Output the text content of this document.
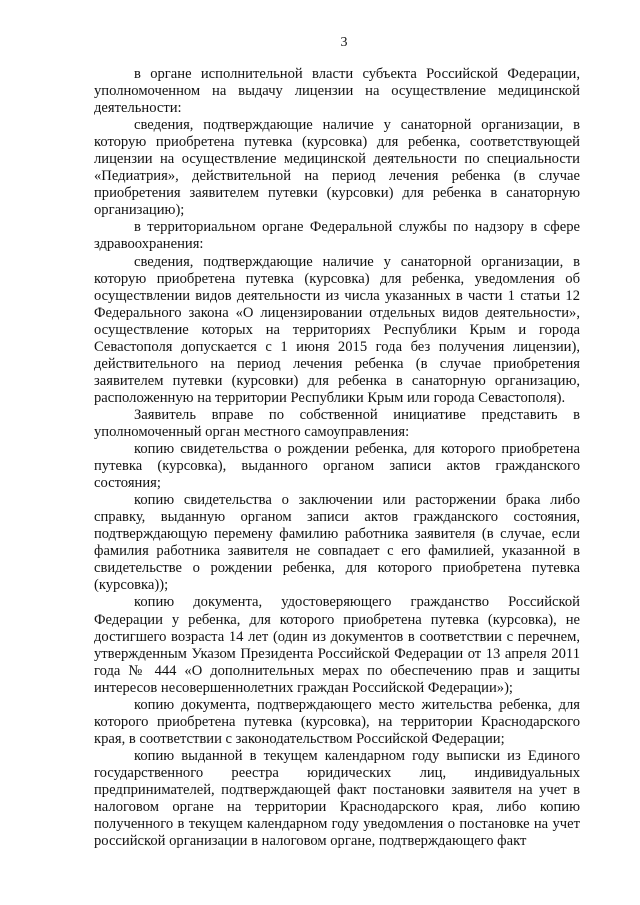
3

в органе исполнительной власти субъекта Российской Федерации, уполномоченном на выдачу лицензии на осуществление медицинской деятельности:

сведения, подтверждающие наличие у санаторной организации, в которую приобретена путевка (курсовка) для ребенка, соответствующей лицензии на осуществление медицинской деятельности по специальности «Педиатрия», действительной на период лечения ребенка (в случае приобретения заявителем путевки (курсовки) для ребенка в санаторную организацию);

в территориальном органе Федеральной службы по надзору в сфере здравоохранения:

сведения, подтверждающие наличие у санаторной организации, в которую приобретена путевка (курсовка) для ребенка, уведомления об осуществлении видов деятельности из числа указанных в части 1 статьи 12 Федерального закона «О лицензировании отдельных видов деятельности», осуществление которых на территориях Республики Крым и города Севастополя допускается с 1 июня 2015 года без получения лицензии), действительного на период лечения ребенка (в случае приобретения заявителем путевки (курсовки) для ребенка в санаторную организацию, расположенную на территории Республики Крым или города Севастополя).

Заявитель вправе по собственной инициативе представить в уполномоченный орган местного самоуправления:

копию свидетельства о рождении ребенка, для которого приобретена путевка (курсовка), выданного органом записи актов гражданского состояния;

копию свидетельства о заключении или расторжении брака либо справку, выданную органом записи актов гражданского состояния, подтверждающую перемену фамилию работника заявителя (в случае, если фамилия работника заявителя не совпадает с его фамилией, указанной в свидетельстве о рождении ребенка, для которого приобретена путевка (курсовка));

копию документа, удостоверяющего гражданство Российской Федерации у ребенка, для которого приобретена путевка (курсовка), не достигшего возраста 14 лет (один из документов в соответствии с перечнем, утвержденным Указом Президента Российской Федерации от 13 апреля 2011 года № 444 «О дополнительных мерах по обеспечению прав и защиты интересов несовершеннолетних граждан Российской Федерации»);

копию документа, подтверждающего место жительства ребенка, для которого приобретена путевка (курсовка), на территории Краснодарского края, в соответствии с законодательством Российской Федерации;

копию выданной в текущем календарном году выписки из Единого государственного реестра юридических лиц, индивидуальных предпринимателей, подтверждающей факт постановки заявителя на учет в налоговом органе на территории Краснодарского края, либо копию полученного в текущем календарном году уведомления о постановке на учет российской организации в налоговом органе, подтверждающего факт
